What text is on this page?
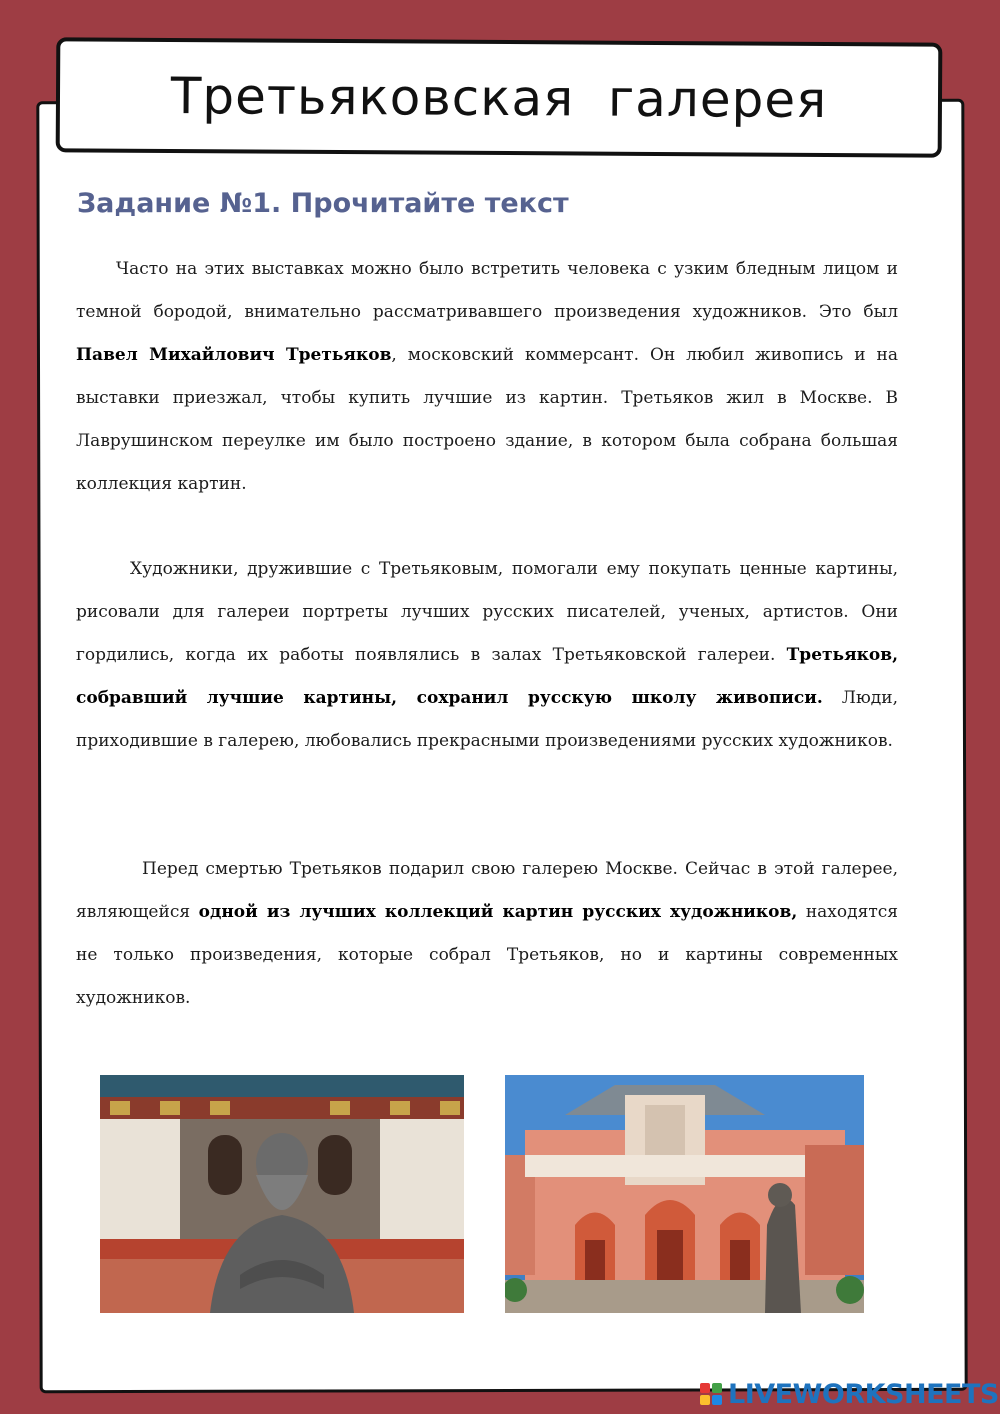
Третьяковская  галерея
Задание №1. Прочитайте текст

Часто на этих выставках можно было встретить человека с узким бледным лицом и темной бородой, внимательно рассматривавшего произведения художников. Это был Павел Михайлович Третьяков, московский коммерсант. Он любил живопись и на выставки приезжал, чтобы купить лучшие из картин. Третьяков жил в Москве. В Лаврушинском переулке им было построено здание, в котором была собрана большая коллекция картин.

Художники, дружившие с Третьяковым, помогали ему покупать ценные картины, рисовали для галереи портреты лучших русских писателей, ученых, артистов. Они гордились, когда их работы появлялись в залах Третьяковской галереи. Третьяков, собравший лучшие картины, сохранил русскую школу живописи. Люди, приходившие в галерею, любовались прекрасными произведениями русских художников.

Перед смертью Третьяков подарил свою галерею Москве. Сейчас в этой галерее, являющейся одной из лучших коллекций картин русских художников, находятся не только произведения, которые собрал Третьяков, но и картины современных художников.

LIVEWORKSHEETS
